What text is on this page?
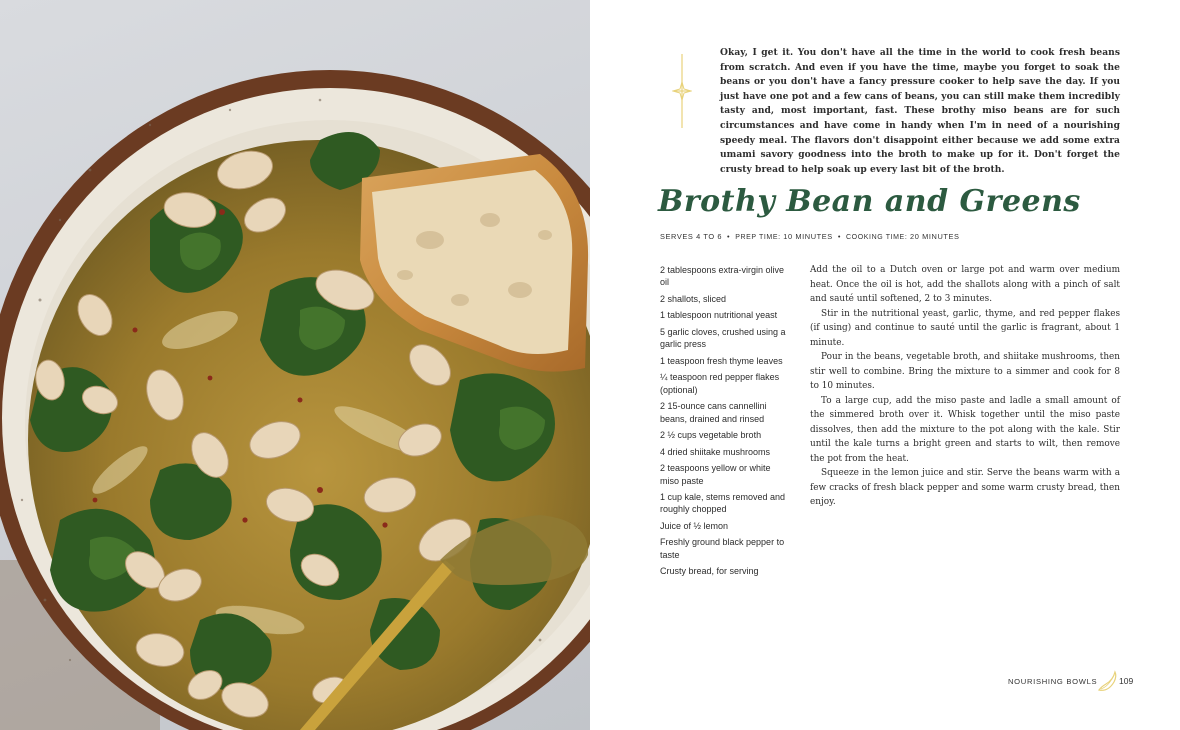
Okay, I get it. You don't have all the time in the world to cook fresh beans from scratch. And even if you have the time, maybe you forget to soak the beans or you don't have a fancy pressure cooker to help save the day. If you just have one pot and a few cans of beans, you can still make them incredibly tasty and, most important, fast. These brothy miso beans are for such circumstances and have come in handy when I'm in need of a nourishing speedy meal. The flavors don't disappoint either because we add some extra umami savory goodness into the broth to make up for it. Don't forget the crusty bread to help soak up every last bit of the broth.
Brothy Bean and Greens
SERVES 4 TO 6 • PREP TIME: 10 MINUTES • COOKING TIME: 20 MINUTES
2 tablespoons extra-virgin olive oil
2 shallots, sliced
1 tablespoon nutritional yeast
5 garlic cloves, crushed using a garlic press
1 teaspoon fresh thyme leaves
¼ teaspoon red pepper flakes (optional)
2 15-ounce cans cannellini beans, drained and rinsed
2 ½ cups vegetable broth
4 dried shiitake mushrooms
2 teaspoons yellow or white miso paste
1 cup kale, stems removed and roughly chopped
Juice of ½ lemon
Freshly ground black pepper to taste
Crusty bread, for serving

Add the oil to a Dutch oven or large pot and warm over medium heat. Once the oil is hot, add the shallots along with a pinch of salt and sauté until softened, 2 to 3 minutes.

Stir in the nutritional yeast, garlic, thyme, and red pepper flakes (if using) and continue to sauté until the garlic is fragrant, about 1 minute.

Pour in the beans, vegetable broth, and shiitake mushrooms, then stir well to combine. Bring the mixture to a simmer and cook for 8 to 10 minutes.

To a large cup, add the miso paste and ladle a small amount of the simmered broth over it. Whisk together until the miso paste dissolves, then add the mixture to the pot along with the kale. Stir until the kale turns a bright green and starts to wilt, then remove the pot from the heat.

Squeeze in the lemon juice and stir. Serve the beans warm with a few cracks of fresh black pepper and some warm crusty bread, then enjoy.

NOURISHING BOWLS	109
